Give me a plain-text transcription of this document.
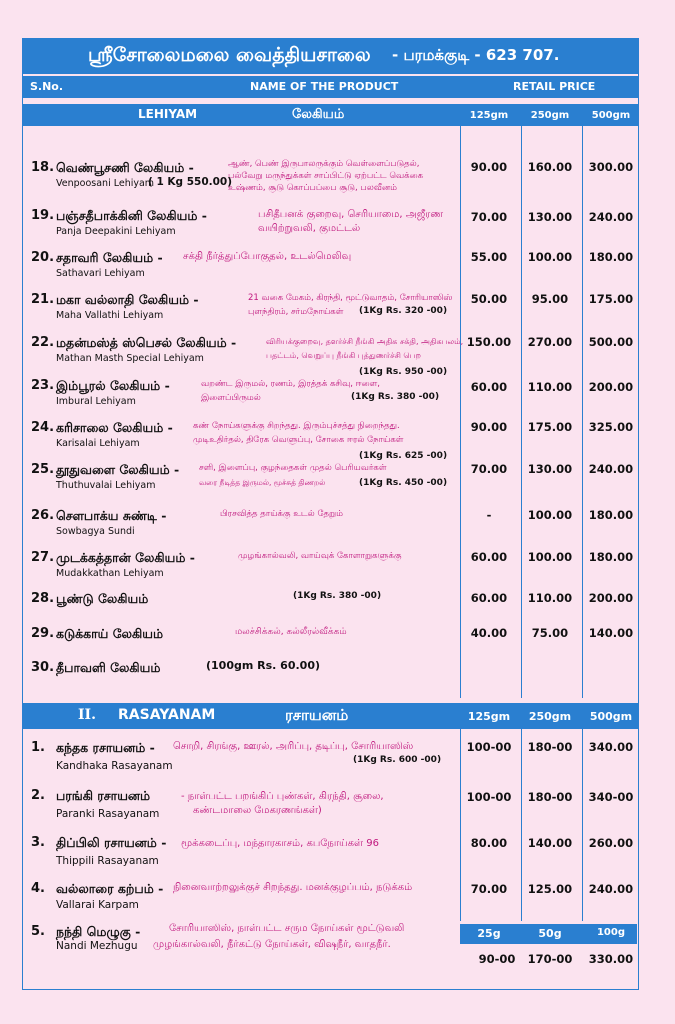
ஸ்ரீசோலைமலை வைத்தியசாலை - பரமக்குடி - 623 707.
S.No.	NAME OF THE PRODUCT	RETAIL PRICE
LEHIYAM	லேகியம்	125gm	250gm	500gm
18. வெண்பூசணி லேகியம் -	ஆண், பெண் இருபாலருக்கும் வெள்ளைப்படுதல்,
பல்வேறு மருந்துக்கள் சாப்பிட்டு ஏற்பட்ட வெக்கை
உஷ்ணம், சூடு கொப்பப்பை சூடு, பலவீனம்
Venpoosani Lehiyam
( 1 Kg 550.00)
90.00	160.00	300.00
19. பஞ்சதீபாக்கினி லேகியம் -	பசிதீபனக் குறைவு, செரியாமை, அஜீரண
வயிற்றுவலி, குமட்டல்
Panja Deepakini Lehiyam
70.00	130.00	240.00
20. சதாவரி லேகியம் - சக்தி நீர்த்துப்போகுதல், உடல்மெலிவு
Sathavari Lehiyam
55.00	100.00	180.00
21. மகா வல்லாதி லேகியம் -	21 வகை மேகம், கிரந்தி, மூட்டுவாதம், சோரியாஸிஸ்
புளந்திரம், சர்மநோய்கள்
Maha Vallathi Lehiyam	(1Kg Rs. 320 -00)
50.00	95.00	175.00
22. மதன்மஸ்த் ஸ்பெசல் லேகியம் -	விரியக்குறைவு, தளர்ச்சி நீங்கி அதிக சக்தி, அதிகபலம்,
பதட்டம், வெறுப்பு நீங்கி புத்துணர்ச்சி பெற
Mathan Masth Special Lehiyam
(1Kg Rs. 950 -00)
150.00	270.00	500.00
23. இம்பூரல் லேகியம் -	வறண்ட இருமல், ரணம், இரத்தக் கசிவு, ஈளை,
இளைப்பிருமல்
Imbural Lehiyam	(1Kg Rs. 380 -00)
60.00	110.00	200.00
24. கரிசாலை லேகியம் - கண் நோய்களுக்கு சிறந்தது. இரும்புச்சத்து நிறைந்தது.
முடிஉதிர்தல், திரேக வெளுப்பு, சோகை ஈரல் நோய்கள்
Karisalai Lehiyam
(1Kg Rs. 625 -00)
90.00	175.00	325.00
25. தூதுவளை லேகியம் - சளி, இளைப்பு, குழந்தைகள் முதல் பெரியவர்கள்
வரை நீடித்த இருமல், மூச்சுத் திணறல்
Thuthuvalai Lehiyam	(1Kg Rs. 450 -00)
70.00	130.00	240.00
26. சௌபாக்ய சுண்டி -	பிரசவித்த தாய்க்கு உடல் தேறும்
Sowbagya Sundi
-	100.00	180.00
27. முடக்கத்தான் லேகியம் -	முழங்கால்வலி, வாய்வுக் கோளாறுகளுக்கு
Mudakkathan Lehiyam
60.00	100.00	180.00
28. பூண்டு லேகியம்	(1Kg Rs. 380 -00)	60.00	110.00	200.00
29. கடுக்காய் லேகியம்	மலச்சிக்கல், கல்லீரல்வீக்கம்	40.00	75.00	140.00
30. தீபாவளி லேகியம்	(100gm Rs. 60.00)
II. RASAYANAM	ரசாயனம்	125gm	250gm	500gm
1. கந்தக ரசாயனம் - சொறி, சிரங்கு, ஊரல், அரிப்பு, தடிப்பு, சோரியாஸிஸ்
(1Kg Rs. 600 -00)
Kandhaka Rasayanam
100-00	180-00	340.00
2. பரங்கி ரசாயனம்	- நாள்பட்ட பறங்கிப் புண்கள், கிரந்தி, சூலை,
கண்டமாலை மேகரணங்கள்)
Paranki Rasayanam
100-00	180-00	340-00
3. திப்பிலி ரசாயனம் - மூக்கடைப்பு, மந்தாரகாசம், கபநோய்கள் 96
Thippili Rasayanam
80.00	140.00	260.00
4. வல்லாரை கற்பம் - நினைவாற்றலுக்குச் சிறந்தது. மனக்குழப்பம், நடுக்கம்
Vallarai Karpam
70.00	125.00	240.00
25g	50g	100g
5. நந்தி மெழுகு -	சோரியாஸிஸ், நாள்பட்ட சரும நோய்கள் மூட்டுவலி
முழங்கால்வலி, நீர்கட்டு நோய்கள், விஷநீர், வாதநீர்.
Nandi Mezhugu
90-00	170-00	330.00
